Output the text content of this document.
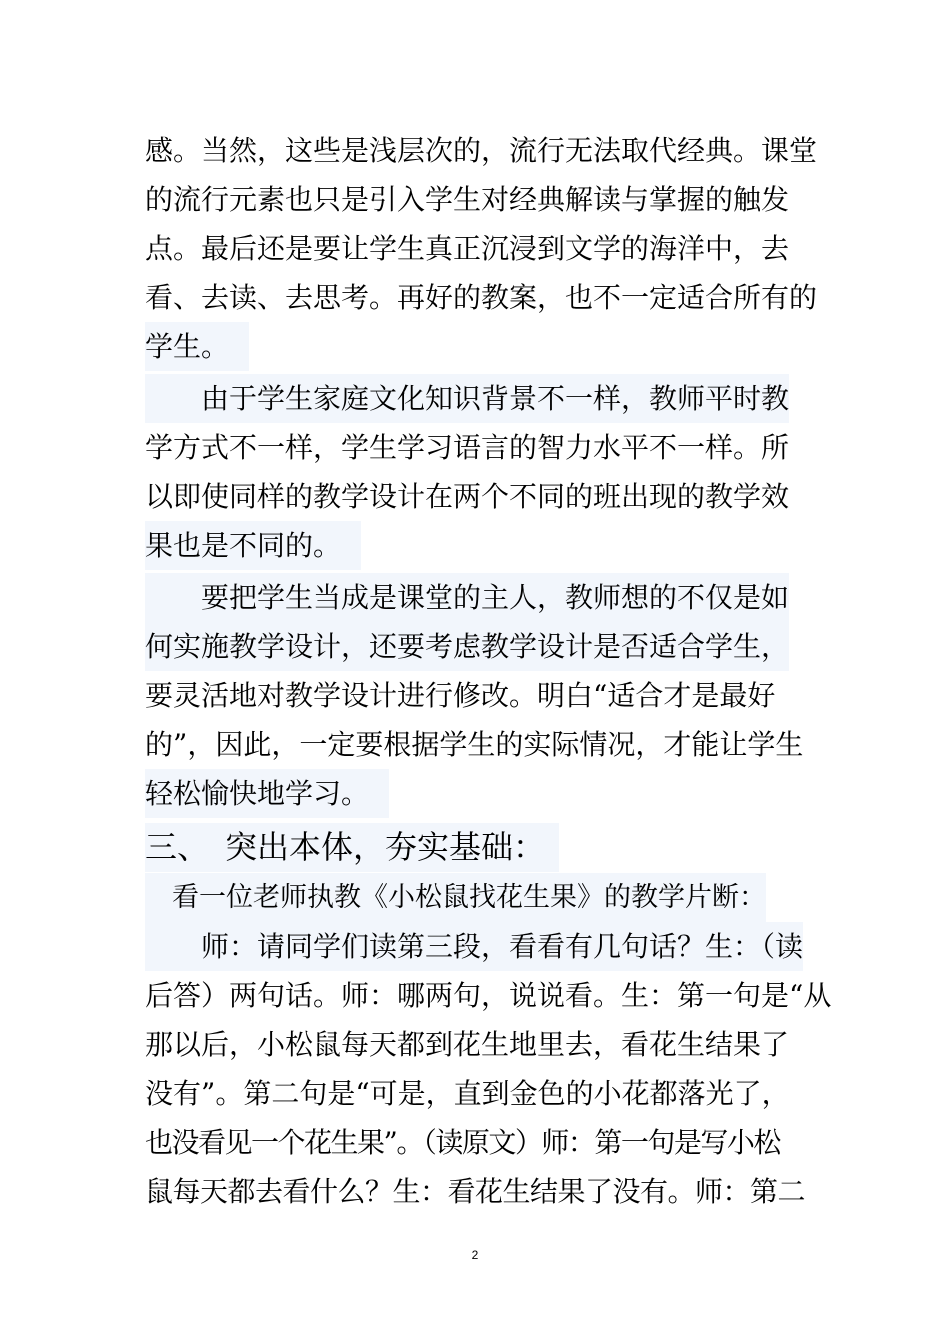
感。当然，这些是浅层次的，流行无法取代经典。课堂
的流行元素也只是引入学生对经典解读与掌握的触发
点。最后还是要让学生真正沉浸到文学的海洋中，去
看、去读、去思考。再好的教案，也不一定适合所有的
学生。
　　由于学生家庭文化知识背景不一样，教师平时教
学方式不一样，学生学习语言的智力水平不一样。所
以即使同样的教学设计在两个不同的班出现的教学效
果也是不同的。
　　要把学生当成是课堂的主人，教师想的不仅是如
何实施教学设计，还要考虑教学设计是否适合学生，
要灵活地对教学设计进行修改。明白“适合才是最好
的”，因此，一定要根据学生的实际情况，才能让学生
轻松愉快地学习。
三、　突出本体，夯实基础：
　看一位老师执教《小松鼠找花生果》的教学片断：
　　师：请同学们读第三段，看看有几句话？生：（读
后答）两句话。师：哪两句，说说看。生：第一句是“从
那以后，小松鼠每天都到花生地里去，看花生结果了
没有”。第二句是“可是，直到金色的小花都落光了，
也没看见一个花生果”。（读原文）师：第一句是写小松
鼠每天都去看什么？生：看花生结果了没有。师：第二
2
